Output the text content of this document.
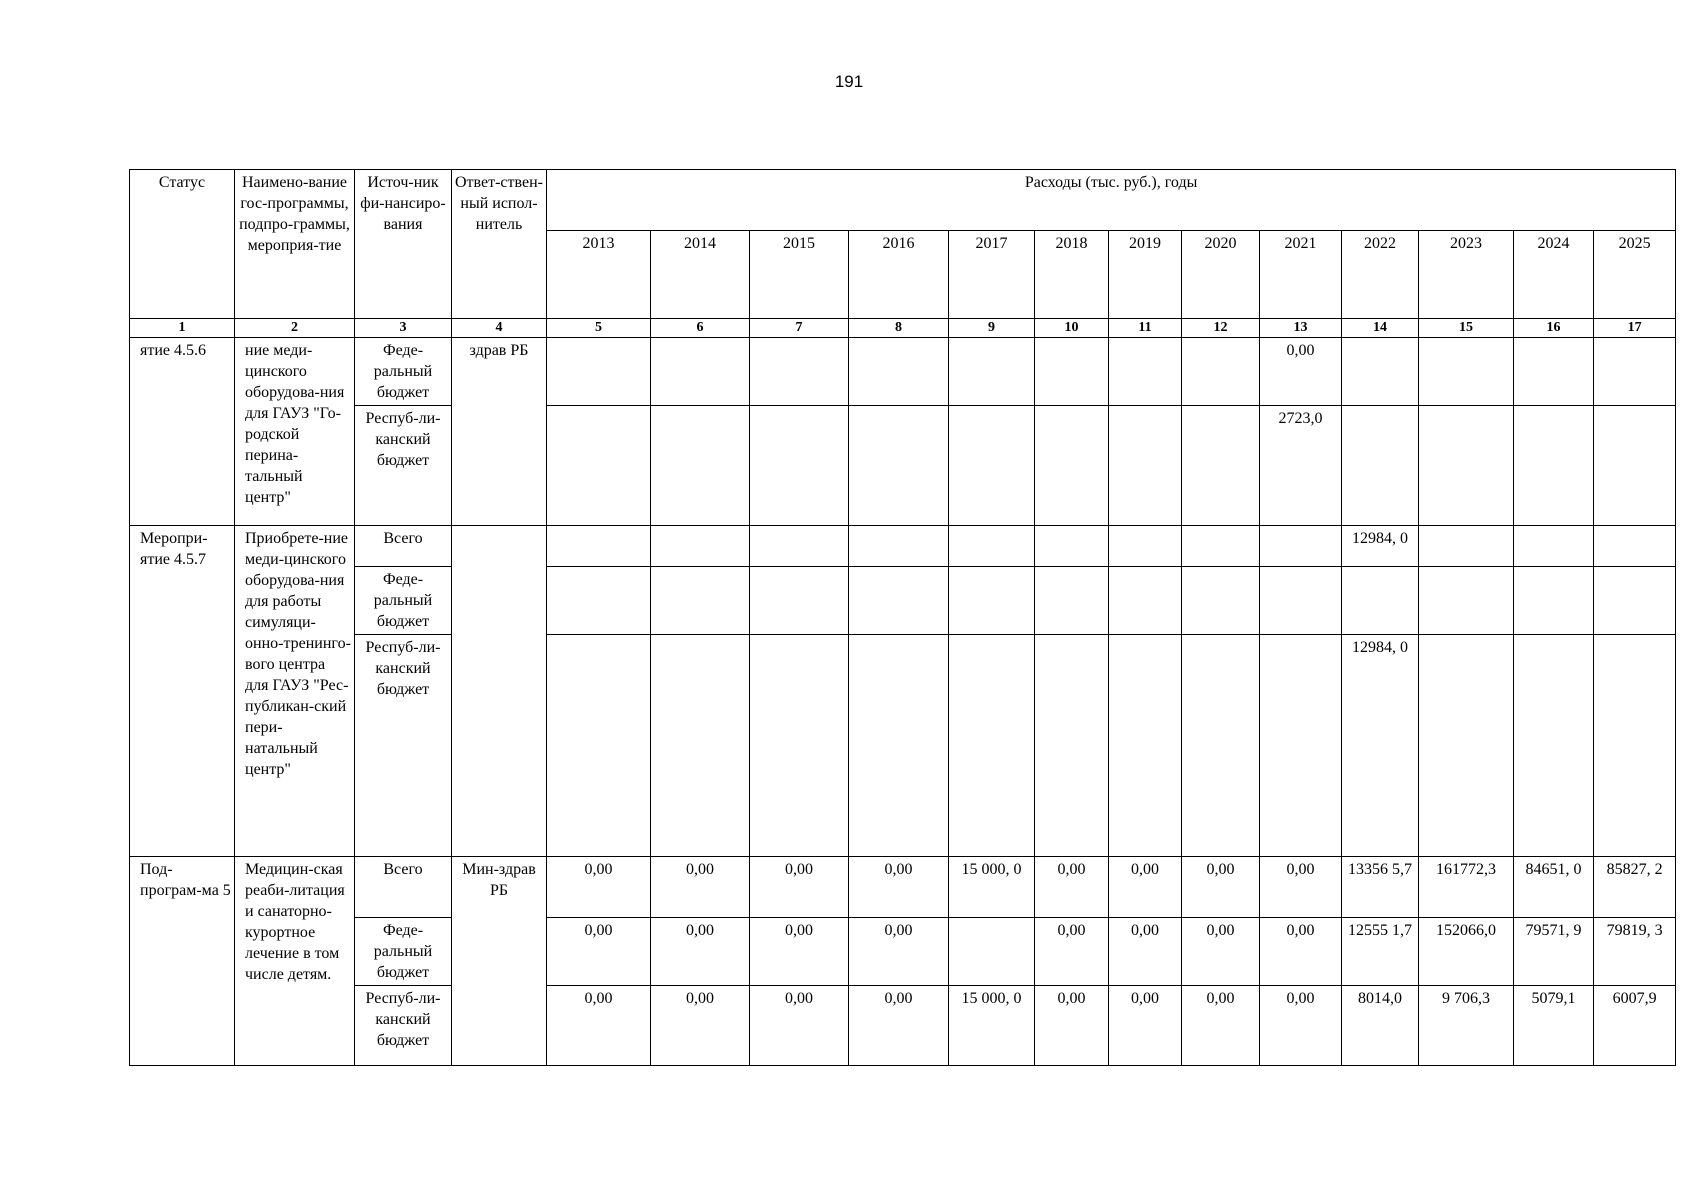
191
Статус	Наимено-вание гос-программы, подпро-граммы, мероприя-тие	Источ-ник фи-нансиро-вания	Ответ-ствен-ный испол-нитель	Расходы (тыс. руб.), годы												
				2013	2014	2015	2016	2017	2018	2019	2020	2021	2022	2023	2024	2025
1	2	3	4	5	6	7	8	9	10	11	12	13	14	15	16	17
ятие 4.5.6	ние меди-цинского оборудова-ния для ГАУЗ "Го-родской перина-тальный центр"	Феде-ральный бюджет	здрав РБ									0,00				
		Респуб-ли-канский бюджет										2723,0				
Меропри-ятие 4.5.7	Приобрете-ние меди-цинского оборудова-ния для работы симуляци-онно-тренинго-вого центра для ГАУЗ "Рес-публикан-ский пери-натальный центр"	Всего											12984, 0			
		Феде-ральный бюджет														
		Респуб-ли-канский бюджет											12984, 0			
Под-програм-ма 5	Медицин-ская реаби-литация и санаторно-курортное лечение в том числе детям.	Всего	Мин-здрав РБ	0,00	0,00	0,00	0,00	15 000, 0	0,00	0,00	0,00	0,00	13356 5,7	161772,3	84651, 0	85827, 2
		Феде-ральный бюджет		0,00	0,00	0,00	0,00		0,00	0,00	0,00	0,00	12555 1,7	152066,0	79571, 9	79819, 3
		Респуб-ли-канский бюджет		0,00	0,00	0,00	0,00	15 000, 0	0,00	0,00	0,00	0,00	8014,0	9 706,3	5079,1	6007,9
